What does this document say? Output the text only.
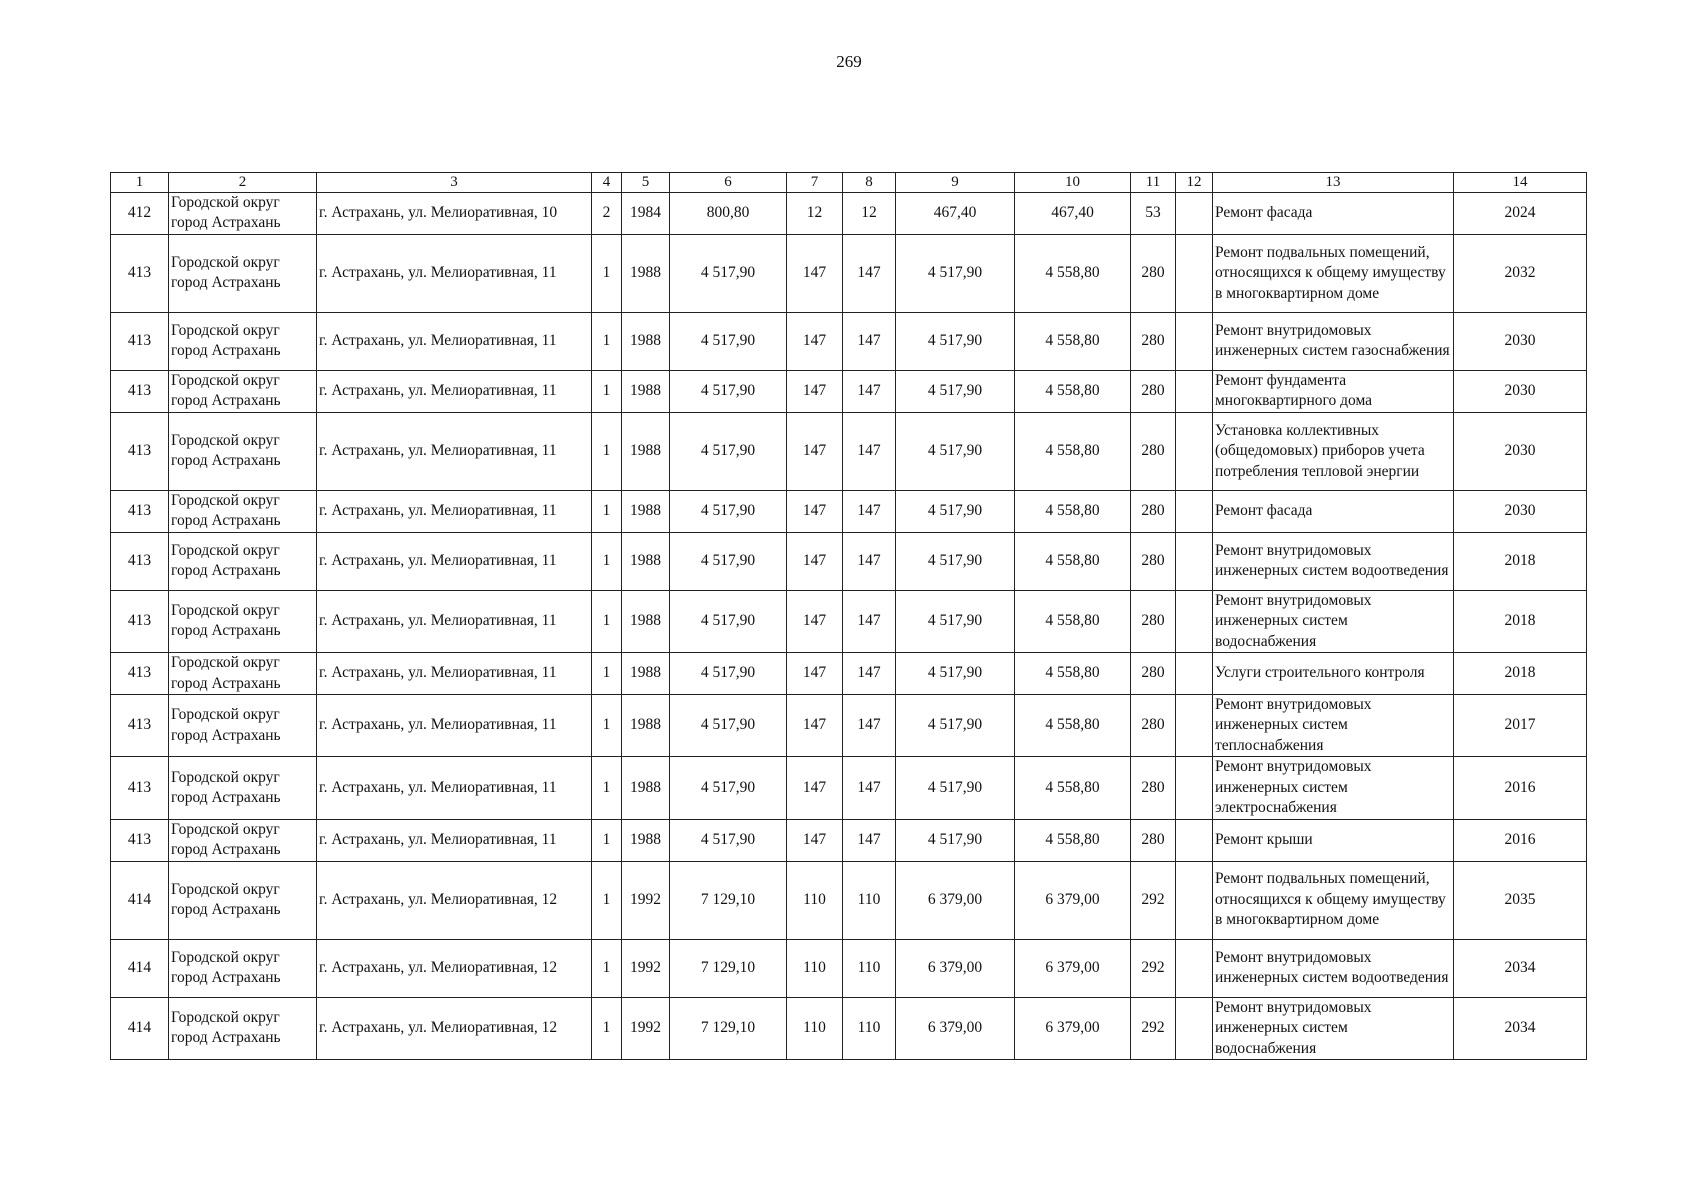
269
1	2	3	4	5	6	7	8	9	10	11	12	13	14
412	Городской округ город Астрахань	г. Астрахань, ул. Мелиоративная, 10	2	1984	800,80	12	12	467,40	467,40	53		Ремонт фасада	2024
413	Городской округ город Астрахань	г. Астрахань, ул. Мелиоративная, 11	1	1988	4 517,90	147	147	4 517,90	4 558,80	280		Ремонт подвальных помещений, относящихся к общему имуществу в многоквартирном доме	2032
413	Городской округ город Астрахань	г. Астрахань, ул. Мелиоративная, 11	1	1988	4 517,90	147	147	4 517,90	4 558,80	280		Ремонт внутридомовых инженерных систем газоснабжения	2030
413	Городской округ город Астрахань	г. Астрахань, ул. Мелиоративная, 11	1	1988	4 517,90	147	147	4 517,90	4 558,80	280		Ремонт фундамента многоквартирного дома	2030
413	Городской округ город Астрахань	г. Астрахань, ул. Мелиоративная, 11	1	1988	4 517,90	147	147	4 517,90	4 558,80	280		Установка коллективных (общедомовых) приборов учета потребления тепловой энергии	2030
413	Городской округ город Астрахань	г. Астрахань, ул. Мелиоративная, 11	1	1988	4 517,90	147	147	4 517,90	4 558,80	280		Ремонт фасада	2030
413	Городской округ город Астрахань	г. Астрахань, ул. Мелиоративная, 11	1	1988	4 517,90	147	147	4 517,90	4 558,80	280		Ремонт внутридомовых инженерных систем водоотведения	2018
413	Городской округ город Астрахань	г. Астрахань, ул. Мелиоративная, 11	1	1988	4 517,90	147	147	4 517,90	4 558,80	280		Ремонт внутридомовых инженерных систем водоснабжения	2018
413	Городской округ город Астрахань	г. Астрахань, ул. Мелиоративная, 11	1	1988	4 517,90	147	147	4 517,90	4 558,80	280		Услуги строительного контроля	2018
413	Городской округ город Астрахань	г. Астрахань, ул. Мелиоративная, 11	1	1988	4 517,90	147	147	4 517,90	4 558,80	280		Ремонт внутридомовых инженерных систем теплоснабжения	2017
413	Городской округ город Астрахань	г. Астрахань, ул. Мелиоративная, 11	1	1988	4 517,90	147	147	4 517,90	4 558,80	280		Ремонт внутридомовых инженерных систем электроснабжения	2016
413	Городской округ город Астрахань	г. Астрахань, ул. Мелиоративная, 11	1	1988	4 517,90	147	147	4 517,90	4 558,80	280		Ремонт крыши	2016
414	Городской округ город Астрахань	г. Астрахань, ул. Мелиоративная, 12	1	1992	7 129,10	110	110	6 379,00	6 379,00	292		Ремонт подвальных помещений, относящихся к общему имуществу в многоквартирном доме	2035
414	Городской округ город Астрахань	г. Астрахань, ул. Мелиоративная, 12	1	1992	7 129,10	110	110	6 379,00	6 379,00	292		Ремонт внутридомовых инженерных систем водоотведения	2034
414	Городской округ город Астрахань	г. Астрахань, ул. Мелиоративная, 12	1	1992	7 129,10	110	110	6 379,00	6 379,00	292		Ремонт внутридомовых инженерных систем водоснабжения	2034
